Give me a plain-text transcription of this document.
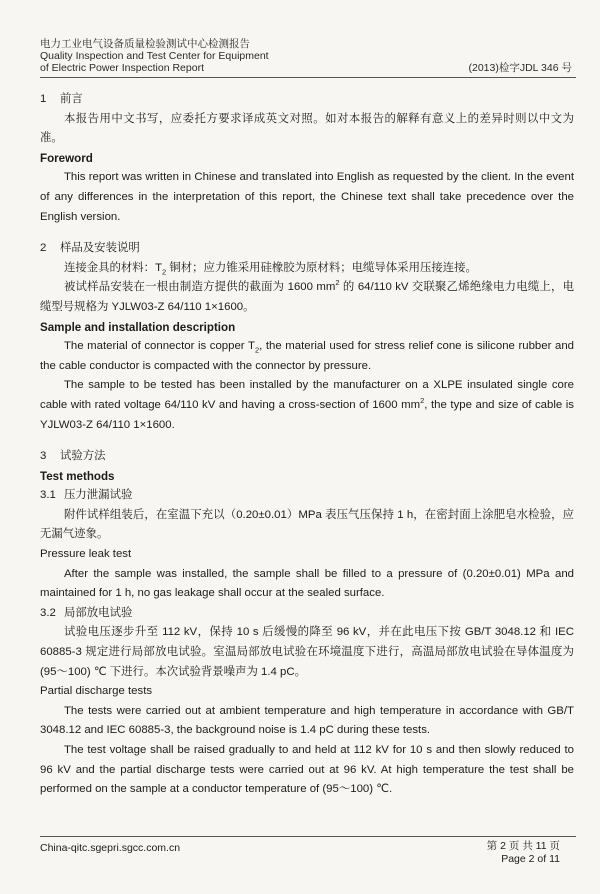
电力工业电气设备质量检验测试中心检测报告
Quality Inspection and Test Center for Equipment
of Electric Power Inspection Report	(2013)检字JDL 346 号
1 前言
本报告用中文书写，应委托方要求译成英文对照。如对本报告的解释有意义上的差异时则以中文为准。
Foreword
This report was written in Chinese and translated into English as requested by the client. In the event of any differences in the interpretation of this report, the Chinese text shall take precedence over the English version.
2 样品及安装说明
连接金具的材料：$T_2$ 铜材；应力锥采用硅橡胶为原材料；电缆导体采用压接连接。
被试样品安装在一根由制造方提供的截面为 1600 $mm^2$ 的 64/110 kV 交联聚乙烯绝缘电力电缆上，电缆型号规格为 YJLW03-Z 64/110 1×1600。
Sample and installation description
The material of connector is copper $T_2$, the material used for stress relief cone is silicone rubber and the cable conductor is compacted with the connector by pressure.
The sample to be tested has been installed by the manufacturer on a XLPE insulated single core cable with rated voltage 64/110 kV and having a cross-section of 1600 $mm^2$, the type and size of cable is YJLW03-Z 64/110 1×1600.
3 试验方法
Test methods
3.1 压力泄漏试验
附件试样组装后，在室温下充以（0.20±0.01）MPa 表压气压保持 1 h，在密封面上涂肥皂水检验，应无漏气迹象。
Pressure leak test
After the sample was installed, the sample shall be filled to a pressure of (0.20±0.01) MPa and maintained for 1 h, no gas leakage shall occur at the sealed surface.
3.2 局部放电试验
试验电压逐步升至 112 kV，保持 10 s 后缓慢的降至 96 kV，并在此电压下按 GB/T 3048.12 和 IEC 60885-3 规定进行局部放电试验。室温局部放电试验在环境温度下进行，高温局部放电试验在导体温度为 (95～100) ℃ 下进行。本次试验背景噪声为 1.4 pC。
Partial discharge tests
The tests were carried out at ambient temperature and high temperature in accordance with GB/T 3048.12 and IEC 60885-3, the background noise is 1.4 pC during these tests.
The test voltage shall be raised gradually to and held at 112 kV for 10 s and then slowly reduced to 96 kV and the partial discharge tests were carried out at 96 kV. At high temperature the test shall be performed on the sample at a conductor temperature of (95～100) ℃.
China-qitc.sgepri.sgcc.com.cn	第 2 页 共 11 页
Page 2 of 11
